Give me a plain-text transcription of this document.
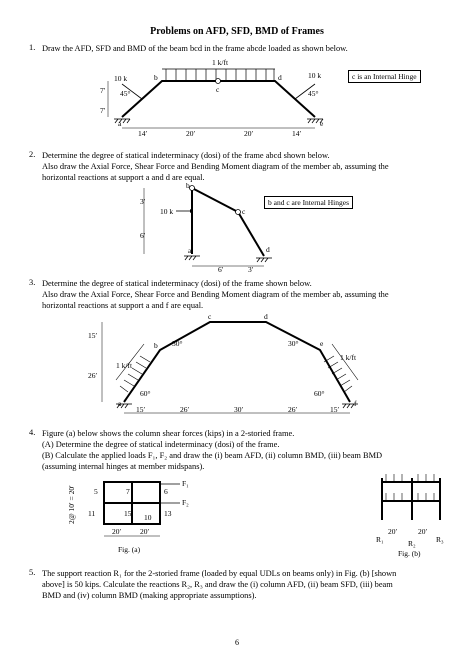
Problems on AFD, SFD, BMD of Frames
1. Draw the AFD, SFD and BMD of the beam bcd in the frame abcde loaded as shown below.
1 k/ft
10 k	10 k
45°	45°
7′
7′
14′	20′	20′	14′
a
b
c
d
e
c is an Internal Hinge
2. Determine the degree of statical indeterminacy (dosi) of the frame abcd shown below.
Also draw the Axial Force, Shear Force and Bending Moment diagram of the member ab, assuming the
horizontal reactions at support a and d are equal.
10 k
3′
6′
6′	3′
b
c
a	d
b and c are Internal Hinges
3. Determine the degree of statical indeterminacy (dosi) of the frame shown below.
Also draw the Axial Force, Shear Force and Bending Moment diagram of the member ab, assuming the
horizontal reactions at support a and f are equal.
1 k/ft
1 k/ft
30°	30°
60°	60°
15′
26′
15′	26′	30′	26′	15′
a
b
c	d
e
f
4. Figure (a) below shows the column shear forces (kips) in a 2-storied frame.
(A) Determine the degree of statical indeterminacy (dosi) of the frame.
(B) Calculate the applied loads F₁, F₂ and draw the (i) beam AFD, (ii) column BMD, (iii) beam BMD
(assuming internal hinges at member midspans).
F₁
F₂
2@ 10′ = 20′ 5	7	6
11	15 10 13
20′	20′
Fig. (a)
20′	20′
R₁	R₂	R₃
Fig. (b)
5. The support reaction R₁ for the 2-storied frame (loaded by equal UDLs on beams only) in Fig. (b) [shown
above] is 50 kips. Calculate the reactions R₂, R₃ and draw the (i) column AFD, (ii) beam SFD, (iii) beam
BMD and (iv) column BMD (making appropriate assumptions).
6
